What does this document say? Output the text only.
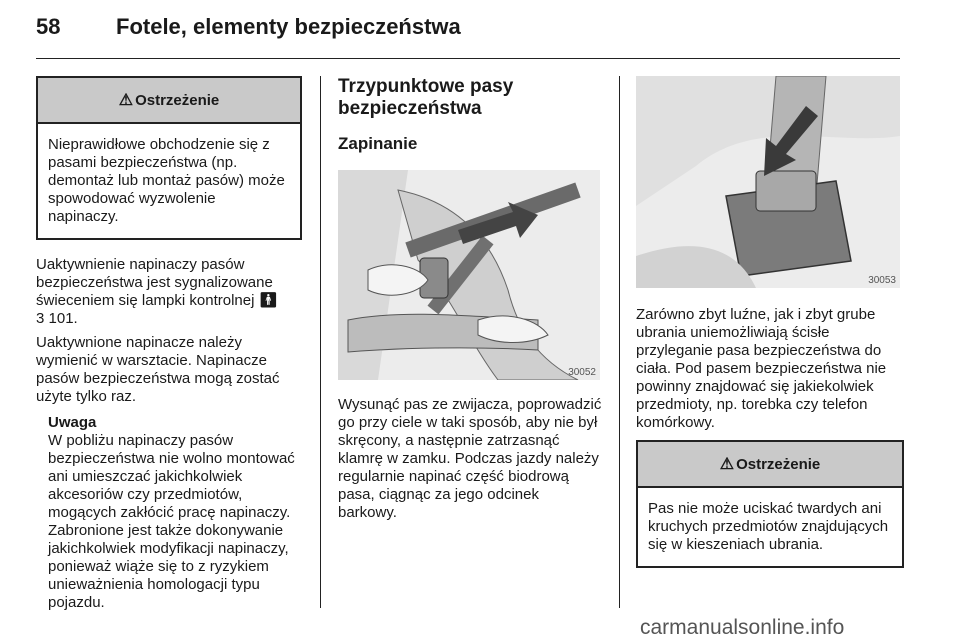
58	Fotele, elementy bezpieczeństwa
⚠ Ostrzeżenie

Nieprawidłowe obchodzenie się z pasami bezpieczeństwa (np. demontaż lub montaż pasów) może spowodować wyzwolenie napinaczy.

Uaktywnienie napinaczy pasów bezpieczeństwa jest sygnalizowane świeceniem się lampki kontrolnej 🚹︎
3 101.

Uaktywnione napinacze należy wymienić w warsztacie. Napinacze pasów bezpieczeństwa mogą zostać użyte tylko raz.

Uwaga

W pobliżu napinaczy pasów bezpieczeństwa nie wolno montować ani umieszczać jakichkolwiek akcesoriów czy przedmiotów, mogących zakłócić pracę napinaczy. Zabronione jest także dokonywanie jakichkolwiek modyfikacji napinaczy, ponieważ wiąże się to z ryzykiem unieważnienia homologacji typu pojazdu.

Trzypunktowe pasy bezpieczeństwa

Zapinanie

30052

Wysunąć pas ze zwijacza, poprowadzić go przy ciele w taki sposób, aby nie był skręcony, a następnie zatrzasnąć klamrę w zamku. Podczas jazdy należy regularnie napinać część biodrową pasa, ciągnąc za jego odcinek barkowy.

30053

Zarówno zbyt luźne, jak i zbyt grube ubrania uniemożliwiają ścisłe przyleganie pasa bezpieczeństwa do ciała. Pod pasem bezpieczeństwa nie powinny znajdować się jakiekolwiek przedmioty, np. torebka czy telefon komórkowy.

⚠ Ostrzeżenie

Pas nie może uciskać twardych ani kruchych przedmiotów znajdujących się w kieszeniach ubrania.

carmanualsonline.info
